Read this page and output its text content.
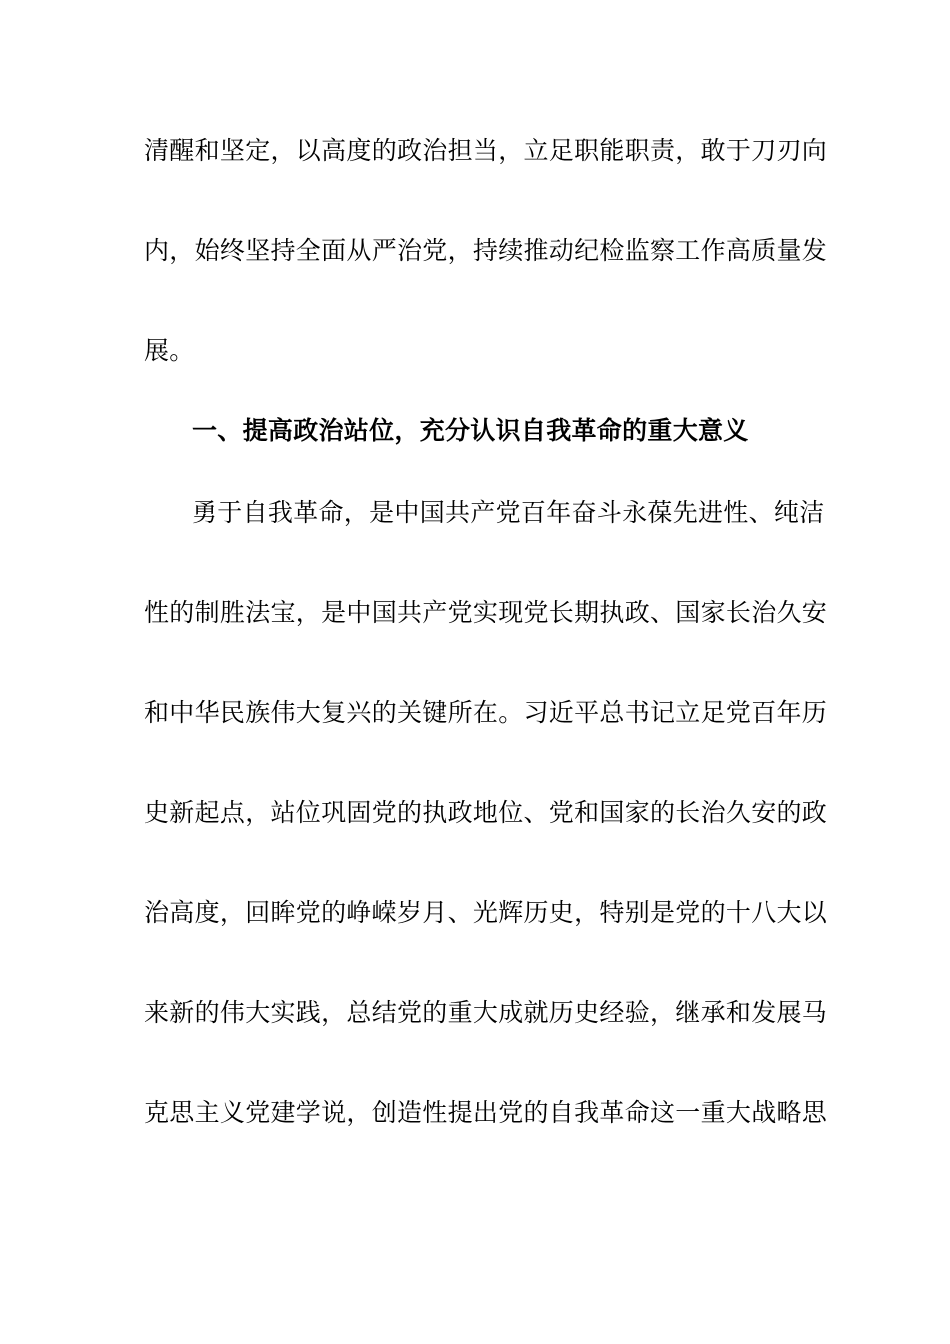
清醒和坚定，以高度的政治担当，立足职能职责，敢于刀刃向
内，始终坚持全面从严治党，持续推动纪检监察工作高质量发
展。
一、提高政治站位，充分认识自我革命的重大意义
勇于自我革命，是中国共产党百年奋斗永葆先进性、纯洁
性的制胜法宝，是中国共产党实现党长期执政、国家长治久安
和中华民族伟大复兴的关键所在。习近平总书记立足党百年历
史新起点，站位巩固党的执政地位、党和国家的长治久安的政
治高度，回眸党的峥嵘岁月、光辉历史，特别是党的十八大以
来新的伟大实践，总结党的重大成就历史经验，继承和发展马
克思主义党建学说，创造性提出党的自我革命这一重大战略思
